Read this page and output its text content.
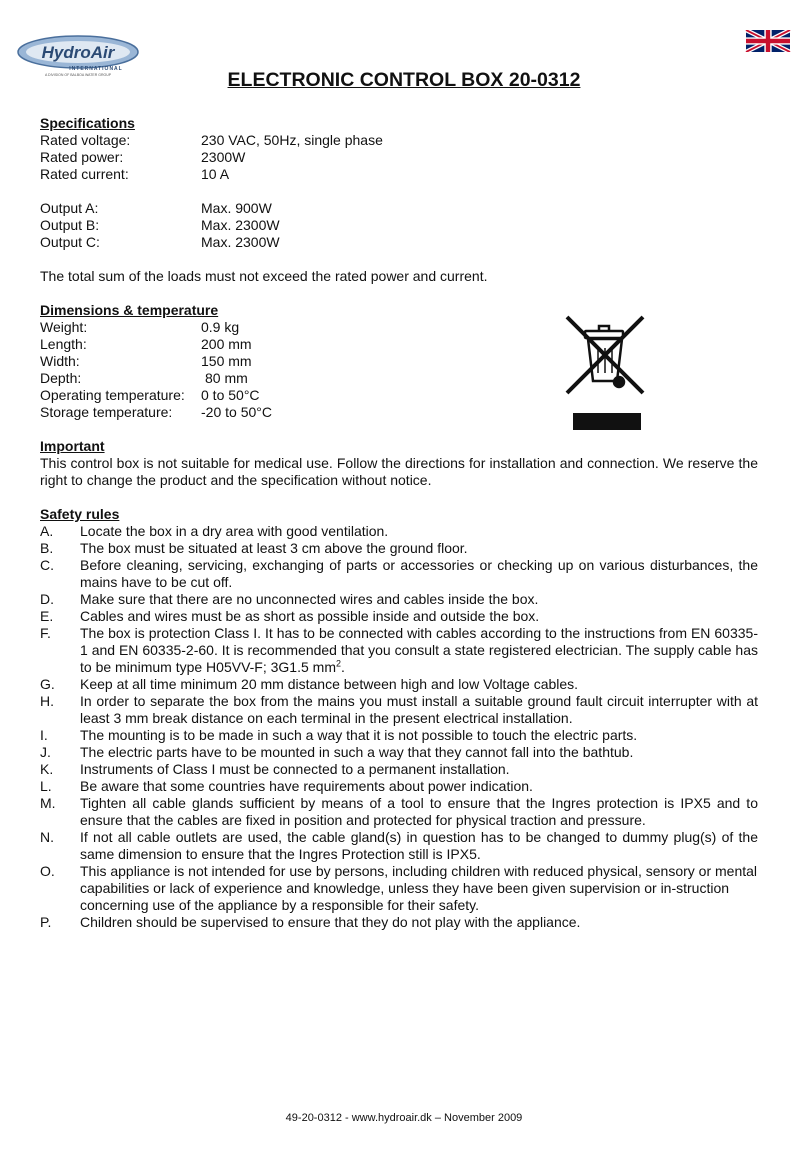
HydroAir
INTERNATIONAL
A DIVISION OF BALBOA WATER GROUP	ELECTRONIC CONTROL BOX 20-0312
Specifications
Rated voltage:	230 VAC, 50Hz, single phase
Rated power:	2300W
Rated current:	10 A
Output A:	Max. 900W
Output B:	Max. 2300W
Output C:	Max. 2300W

The total sum of the loads must not exceed the rated power and current.

Dimensions & temperature
Weight:	0.9 kg
Length:	200 mm
Width:	150 mm
Depth:	80 mm
Operating temperature:	0 to 50°C
Storage temperature:	-20 to 50°C
Important

This control box is not suitable for medical use. Follow the directions for installation and connection. We reserve the right to change the product and the specification without notice.

Safety rules
A.	Locate the box in a dry area with good ventilation.
B.	The box must be situated at least 3 cm above the ground floor.
C.	Before cleaning, servicing, exchanging of parts or accessories or checking up on various disturbances, the mains have to be cut off.
D.	Make sure that there are no unconnected wires and cables inside the box.
E.	Cables and wires must be as short as possible inside and outside the box.
F.	The box is protection Class I. It has to be connected with cables according to the instructions from EN 60335-1 and EN 60335-2-60. It is recommended that you consult a state registered electrician. The supply cable has to be minimum type H05VV-F; 3G1.5 $mm^2$.
G.	Keep at all time minimum 20 mm distance between high and low Voltage cables.
H.	In order to separate the box from the mains you must install a suitable ground fault circuit interrupter with at least 3 mm break distance on each terminal in the present electrical installation.
I.	The mounting is to be made in such a way that it is not possible to touch the electric parts.
J.	The electric parts have to be mounted in such a way that they cannot fall into the bathtub.
K.	Instruments of Class I must be connected to a permanent installation.
L.	Be aware that some countries have requirements about power indication.
M.	Tighten all cable glands sufficient by means of a tool to ensure that the Ingres protection is IPX5 and to ensure that the cables are fixed in position and protected for physical traction and pressure.
N.	If not all cable outlets are used, the cable gland(s) in question has to be changed to dummy plug(s) of the same dimension to ensure that the Ingres Protection still is IPX5.
O.	This appliance is not intended for use by persons, including children with reduced physical, sensory or mental capabilities or lack of experience and knowledge, unless they have been given supervision or in-struction concerning use of the appliance by a responsible for their safety.
P.	Children should be supervised to ensure that they do not play with the appliance.
49-20-0312 - www.hydroair.dk – November 2009
